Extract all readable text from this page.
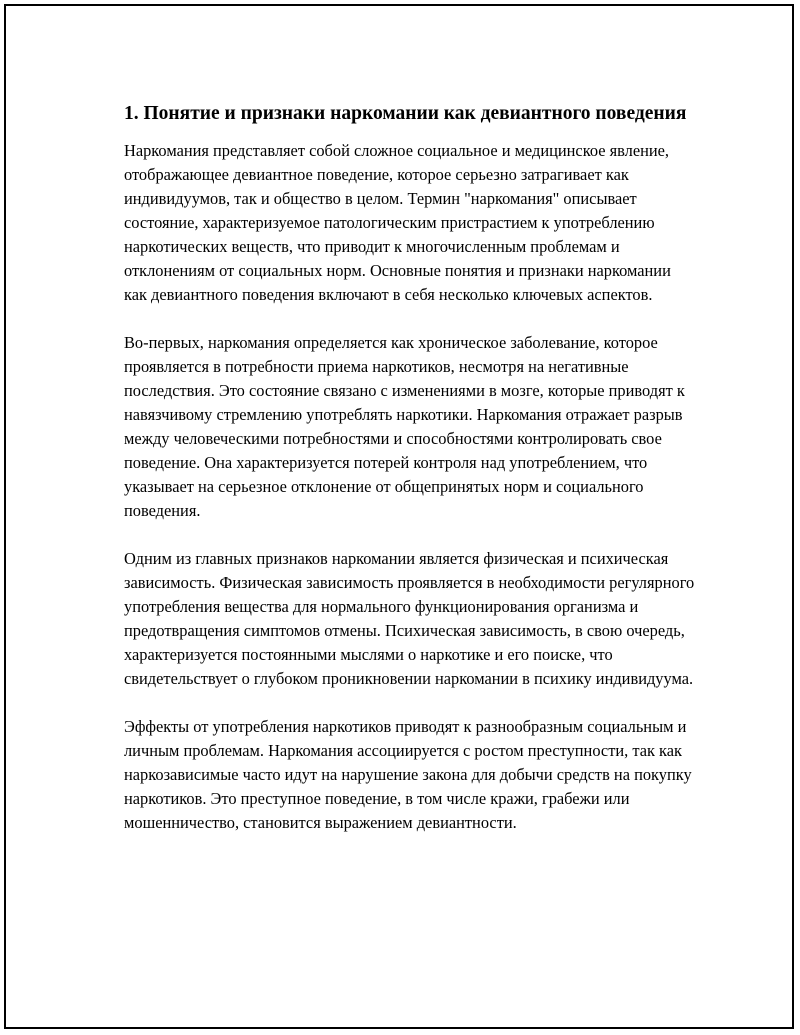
1. Понятие и признаки наркомании как девиантного поведения

Наркомания представляет собой сложное социальное и медицинское явление, отображающее девиантное поведение, которое серьезно затрагивает как индивидуумов, так и общество в целом. Термин "наркомания" описывает состояние, характеризуемое патологическим пристрастием к употреблению наркотических веществ, что приводит к многочисленным проблемам и отклонениям от социальных норм. Основные понятия и признаки наркомании как девиантного поведения включают в себя несколько ключевых аспектов.

Во-первых, наркомания определяется как хроническое заболевание, которое проявляется в потребности приема наркотиков, несмотря на негативные последствия. Это состояние связано с изменениями в мозге, которые приводят к навязчивому стремлению употреблять наркотики. Наркомания отражает разрыв между человеческими потребностями и способностями контролировать свое поведение. Она характеризуется потерей контроля над употреблением, что указывает на серьезное отклонение от общепринятых норм и социального поведения.

Одним из главных признаков наркомании является физическая и психическая зависимость. Физическая зависимость проявляется в необходимости регулярного употребления вещества для нормального функционирования организма и предотвращения симптомов отмены. Психическая зависимость, в свою очередь, характеризуется постоянными мыслями о наркотике и его поиске, что свидетельствует о глубоком проникновении наркомании в психику индивидуума.

Эффекты от употребления наркотиков приводят к разнообразным социальным и личным проблемам. Наркомания ассоциируется с ростом преступности, так как наркозависимые часто идут на нарушение закона для добычи средств на покупку наркотиков. Это преступное поведение, в том числе кражи, грабежи или мошенничество, становится выражением девиантности.
